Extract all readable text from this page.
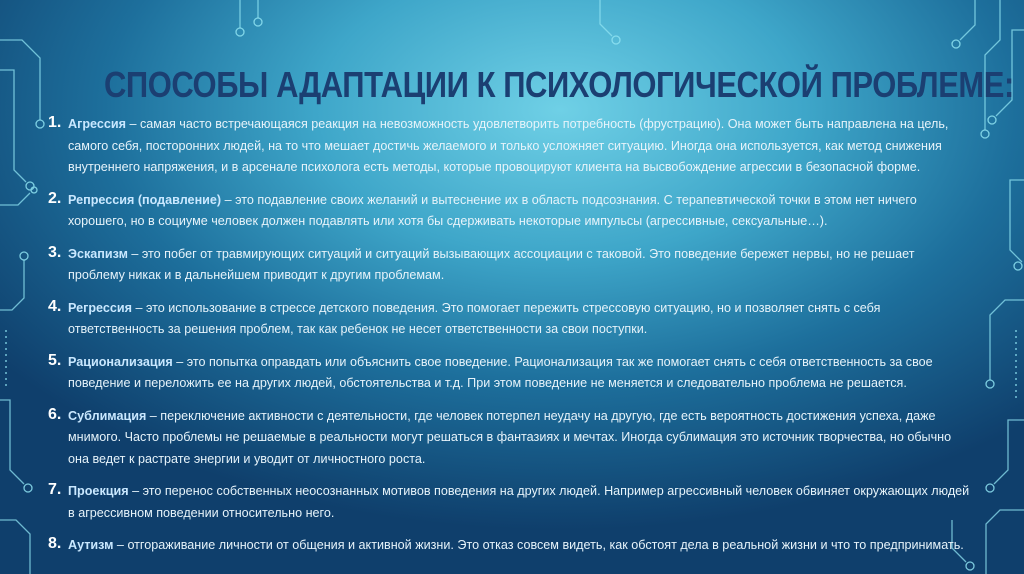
СПОСОБЫ АДАПТАЦИИ К ПСИХОЛОГИЧЕСКОЙ ПРОБЛЕМЕ:
1. Агрессия – самая часто встречающаяся реакция на невозможность удовлетворить потребность (фрустрацию). Она может быть направлена на цель, самого себя, посторонних людей, на то что мешает достичь желаемого и только усложняет ситуацию. Иногда она используется, как метод снижения внутреннего напряжения, и в арсенале психолога есть методы, которые провоцируют клиента на высвобождение агрессии в безопасной форме.
2. Репрессия (подавление) – это подавление своих желаний и вытеснение их в область подсознания. С терапевтической точки в этом нет ничего хорошего, но в социуме человек должен подавлять или хотя бы сдерживать некоторые импульсы (агрессивные, сексуальные…).
3. Эскапизм – это побег от травмирующих ситуаций и ситуаций вызывающих ассоциации с таковой. Это поведение бережет нервы, но не решает проблему никак и в дальнейшем приводит к другим проблемам.
4. Регрессия – это использование в стрессе детского поведения. Это помогает пережить стрессовую ситуацию, но и позволяет снять с себя ответственность за решения проблем, так как ребенок не несет ответственности за свои поступки.
5. Рационализация – это попытка оправдать или объяснить свое поведение. Рационализация так же помогает снять с себя ответственность за свое поведение и переложить ее на других людей, обстоятельства и т.д. При этом поведение не меняется и следовательно проблема не решается.
6. Сублимация – переключение активности с деятельности, где человек потерпел неудачу на другую, где есть вероятность достижения успеха, даже мнимого. Часто проблемы не решаемые в реальности могут решаться в фантазиях и мечтах. Иногда сублимация это источник творчества, но обычно она ведет к растрате энергии и уводит от личностного роста.
7. Проекция – это перенос собственных неосознанных мотивов поведения на других людей. Например агрессивный человек обвиняет окружающих людей в агрессивном поведении относительно него.
8. Аутизм – отгораживание личности от общения и активной жизни. Это отказ совсем видеть, как обстоят дела в реальной жизни и что то предпринимать.
